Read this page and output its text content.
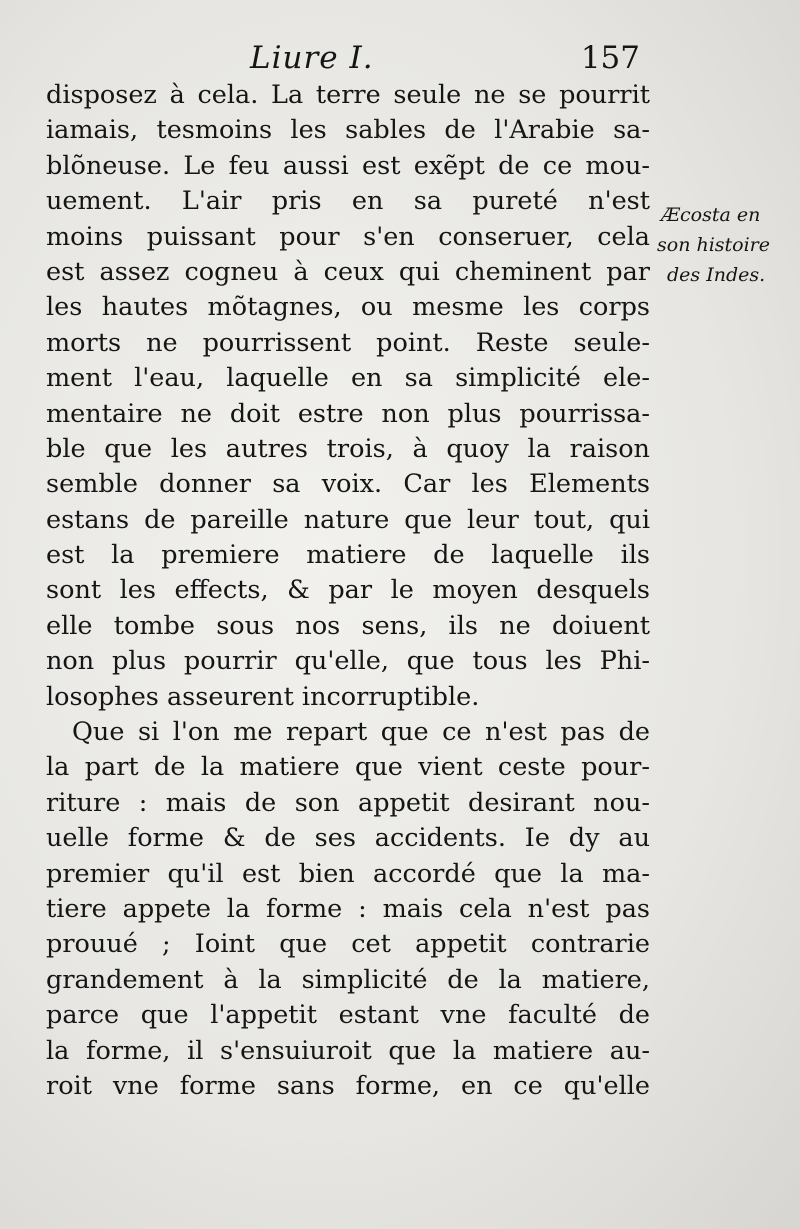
Liure I.	157
disposez à cela. La terre seule ne se pourrit
iamais, tesmoins les sables de l'Arabie sa-
blõneuse. Le feu aussi est exẽpt de ce mou-
uement. L'air pris en sa pureté n'est
moins puissant pour s'en conseruer, cela
est assez cogneu à ceux qui cheminent par
les hautes mõtagnes, ou mesme les corps
morts ne pourrissent point. Reste seule-
ment l'eau, laquelle en sa simplicité ele-
mentaire ne doit estre non plus pourrissa-
ble que les autres trois, à quoy la raison
semble donner sa voix. Car les Elements
estans de pareille nature que leur tout, qui
est la premiere matiere de laquelle ils
sont les effects, & par le moyen desquels
elle tombe sous nos sens, ils ne doiuent
non plus pourrir qu'elle, que tous les Phi-
losophes asseurent incorruptible.
Que si l'on me repart que ce n'est pas de
la part de la matiere que vient ceste pour-
riture : mais de son appetit desirant nou-
uelle forme & de ses accidents. Ie dy au
premier qu'il est bien accordé que la ma-
tiere appete la forme : mais cela n'est pas
prouué ; Ioint que cet appetit contrarie
grandement à la simplicité de la matiere,
parce que l'appetit estant vne faculté de
la forme, il s'ensuiuroit que la matiere au-
roit vne forme sans forme, en ce qu'elle
Æcosta en
son histoire
des Indes.
